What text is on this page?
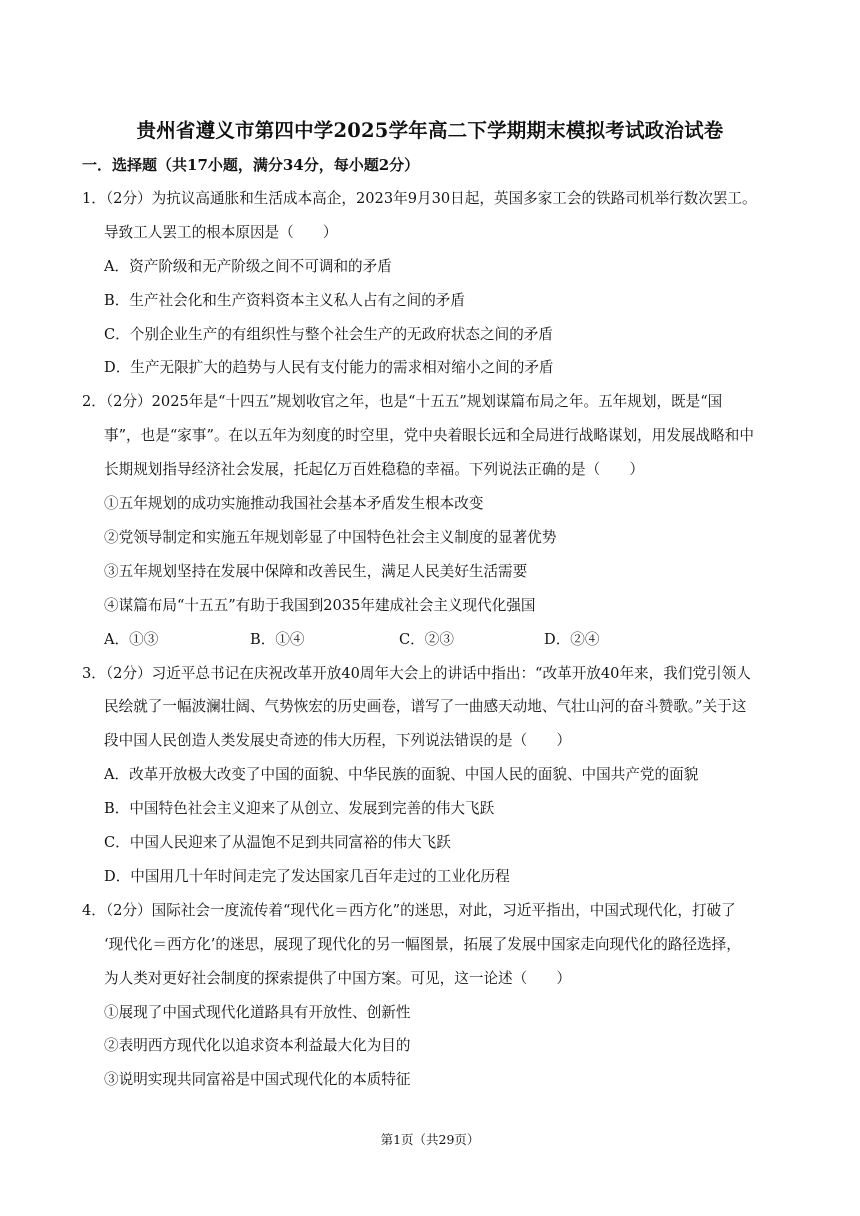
贵州省遵义市第四中学2025学年高二下学期期末模拟考试政治试卷
一．选择题（共17小题，满分34分，每小题2分）
1．（2分）为抗议高通胀和生活成本高企，2023年9月30日起，英国多家工会的铁路司机举行数次罢工。
导致工人罢工的根本原因是（　　）
A．资产阶级和无产阶级之间不可调和的矛盾
B．生产社会化和生产资料资本主义私人占有之间的矛盾
C．个别企业生产的有组织性与整个社会生产的无政府状态之间的矛盾
D．生产无限扩大的趋势与人民有支付能力的需求相对缩小之间的矛盾
2．（2分）2025年是“十四五”规划收官之年，也是“十五五”规划谋篇布局之年。五年规划，既是“国
事”，也是“家事”。在以五年为刻度的时空里，党中央着眼长远和全局进行战略谋划，用发展战略和中
长期规划指导经济社会发展，托起亿万百姓稳稳的幸福。下列说法正确的是（　　）
①五年规划的成功实施推动我国社会基本矛盾发生根本改变
②党领导制定和实施五年规划彰显了中国特色社会主义制度的显著优势
③五年规划坚持在发展中保障和改善民生，满足人民美好生活需要
④谋篇布局“十五五”有助于我国到2035年建成社会主义现代化强国
A．①③	B．①④	C．②③	D．②④
3．（2分）习近平总书记在庆祝改革开放40周年大会上的讲话中指出：“改革开放40年来，我们党引领人
民绘就了一幅波澜壮阔、气势恢宏的历史画卷，谱写了一曲感天动地、气壮山河的奋斗赞歌。”关于这
段中国人民创造人类发展史奇迹的伟大历程，下列说法错误的是（　　）
A．改革开放极大改变了中国的面貌、中华民族的面貌、中国人民的面貌、中国共产党的面貌
B．中国特色社会主义迎来了从创立、发展到完善的伟大飞跃
C．中国人民迎来了从温饱不足到共同富裕的伟大飞跃
D．中国用几十年时间走完了发达国家几百年走过的工业化历程
4．（2分）国际社会一度流传着“现代化＝西方化”的迷思，对此，习近平指出，中国式现代化，打破了
‘现代化＝西方化’的迷思，展现了现代化的另一幅图景，拓展了发展中国家走向现代化的路径选择，
为人类对更好社会制度的探索提供了中国方案。可见，这一论述（　　）
①展现了中国式现代化道路具有开放性、创新性
②表明西方现代化以追求资本利益最大化为目的
③说明实现共同富裕是中国式现代化的本质特征
第1页（共29页）
